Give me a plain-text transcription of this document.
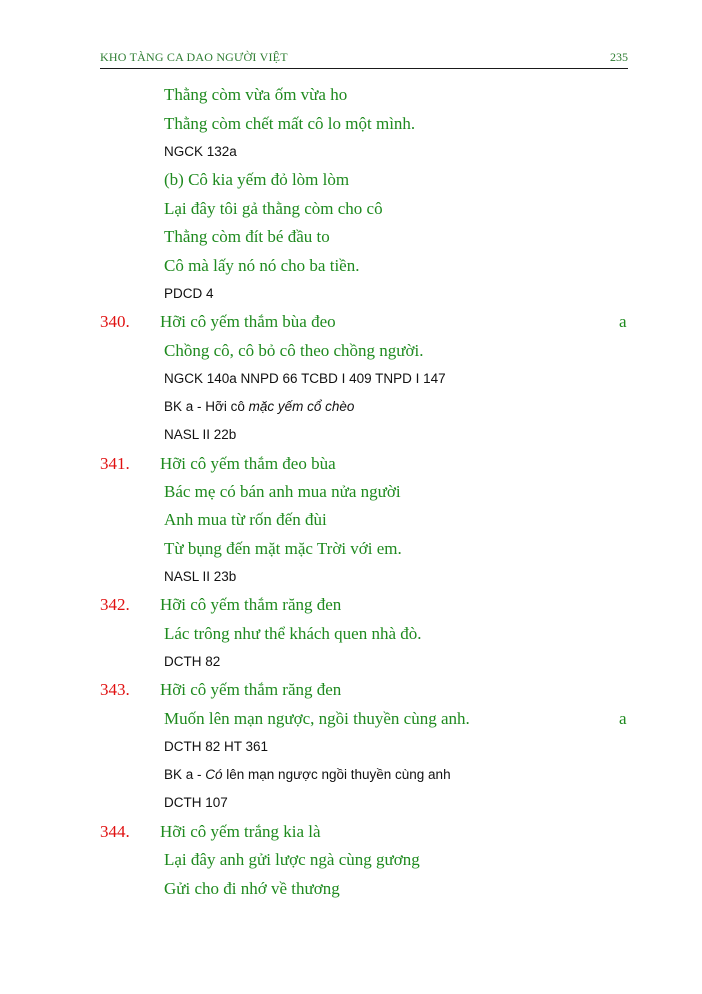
KHO TÀNG CA DAO NGƯỜI VIỆT	235
Thằng còm vừa ốm vừa ho
Thằng còm chết mất cô lo một mình.
NGCK 132a
(b) Cô kia yếm đỏ lòm lòm
Lại đây tôi gả thằng còm cho cô
Thằng còm đít bé đầu to
Cô mà lấy nó nó cho ba tiền.
PDCD 4
340. Hỡi cô yếm thắm bùa đeo	a
Chồng cô, cô bỏ cô theo chồng người.
NGCK 140a NNPD 66 TCBD I 409 TNPD I 147
BK a - Hỡi cô mặc yếm cổ chèo
NASL II 22b
341. Hỡi cô yếm thắm đeo bùa
Bác mẹ có bán anh mua nửa người
Anh mua từ rốn đến đùi
Từ bụng đến mặt mặc Trời với em.
NASL II 23b
342. Hỡi cô yếm thắm răng đen
Lác trông như thể khách quen nhà đò.
DCTH 82
343. Hỡi cô yếm thắm răng đen
Muốn lên mạn ngược, ngồi thuyền cùng anh.	a
DCTH 82 HT 361
BK a - Có lên mạn ngược ngồi thuyền cùng anh
DCTH 107
344. Hỡi cô yếm trắng kia là
Lại đây anh gửi lược ngà cùng gương
Gửi cho đi nhớ về thương
